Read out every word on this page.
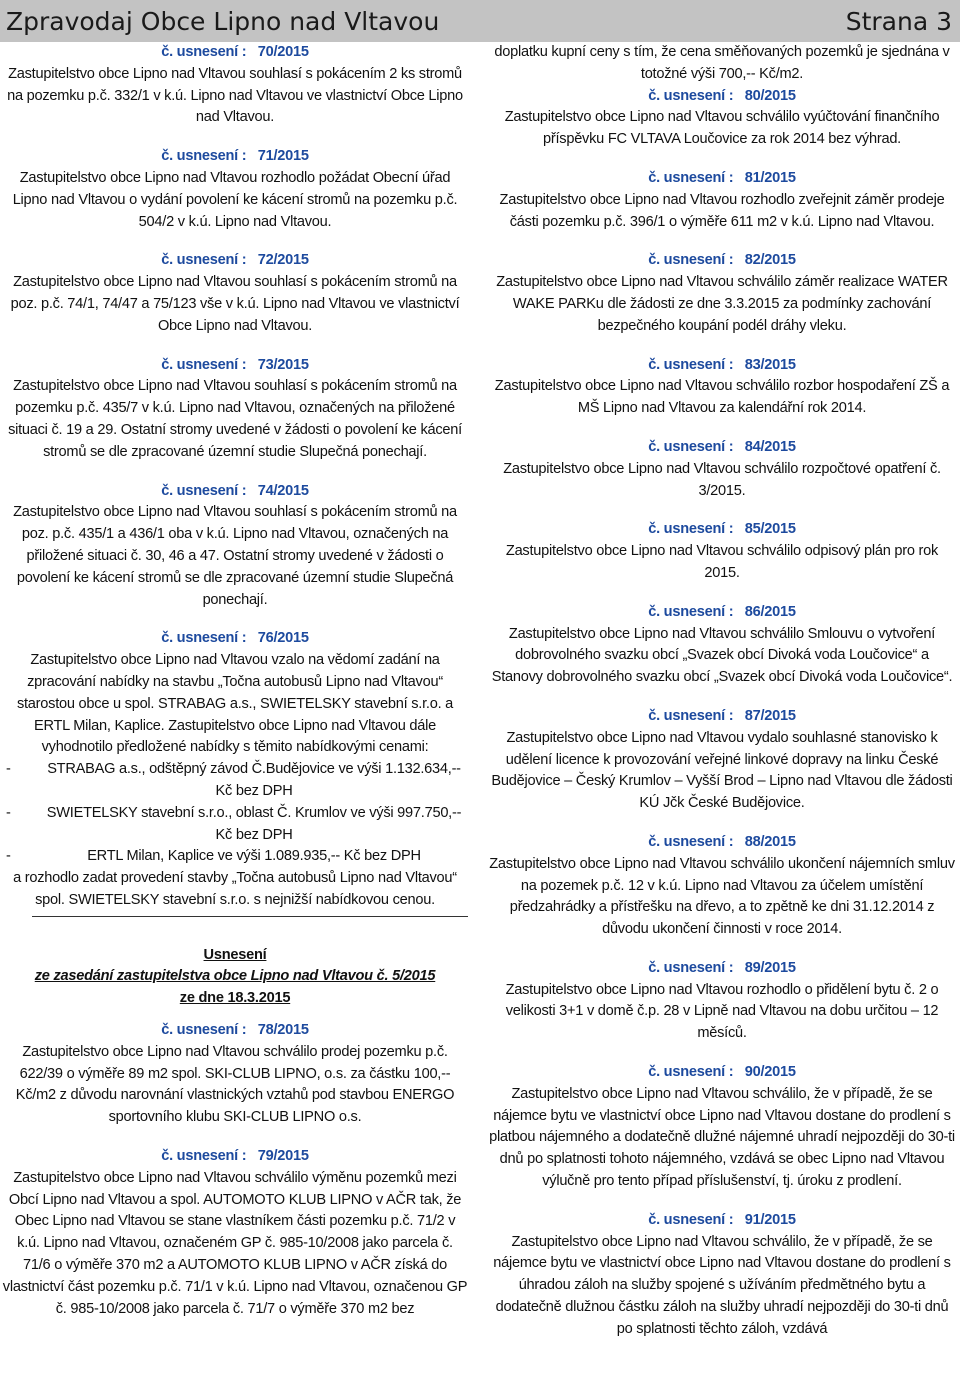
Zpravodaj Obce Lipno nad Vltavou	Strana 3
č. usnesení :   70/2015

Zastupitelstvo obce Lipno nad Vltavou souhlasí s pokácením 2 ks stromů na pozemku p.č. 332/1 v k.ú. Lipno nad Vltavou ve vlastnictví Obce Lipno nad Vltavou.

č. usnesení :   71/2015

Zastupitelstvo obce Lipno nad Vltavou rozhodlo požádat Obecní úřad Lipno nad Vltavou o vydání povolení ke kácení stromů na pozemku p.č. 504/2 v k.ú. Lipno nad Vltavou.

č. usnesení :   72/2015

Zastupitelstvo obce Lipno nad Vltavou souhlasí s pokácením stromů na poz. p.č. 74/1, 74/47 a 75/123 vše v k.ú. Lipno nad Vltavou ve vlastnictví Obce Lipno nad Vltavou.

č. usnesení :   73/2015

Zastupitelstvo obce Lipno nad Vltavou souhlasí s pokácením stromů na pozemku p.č. 435/7 v k.ú. Lipno nad Vltavou, označených na přiložené situaci č. 19 a 29. Ostatní stromy uvedené v žádosti o povolení ke kácení stromů se dle zpracované územní studie Slupečná ponechají.

č. usnesení :   74/2015

Zastupitelstvo obce Lipno nad Vltavou souhlasí s pokácením stromů na poz. p.č. 435/1 a 436/1 oba v k.ú. Lipno nad Vltavou, označených na přiložené situaci č. 30, 46 a 47. Ostatní stromy uvedené v žádosti o povolení ke kácení stromů se dle zpracované územní studie Slupečná ponechají.

č. usnesení :   76/2015

Zastupitelstvo obce Lipno nad Vltavou vzalo na vědomí zadání na zpracování nabídky na stavbu „Točna autobusů Lipno nad Vltavou“ starostou obce u spol. STRABAG a.s., SWIETELSKY stavební s.r.o. a ERTL Milan, Kaplice. Zastupitelstvo obce Lipno nad Vltavou dále vyhodnotilo předložené nabídky s těmito nabídkovými cenami:

-	STRABAG a.s., odštěpný závod Č.Budějovice ve výši 1.132.634,-- Kč bez DPH
-	SWIETELSKY stavební s.r.o., oblast Č. Krumlov ve výši 997.750,-- Kč bez DPH
-	ERTL Milan, Kaplice ve výši 1.089.935,-- Kč bez DPH

a rozhodlo zadat provedení stavby „Točna autobusů Lipno nad Vltavou“ spol. SWIETELSKY stavební s.r.o. s nejnižší nabídkovou cenou.

Usnesení
ze zasedání zastupitelstva obce Lipno nad Vltavou č. 5/2015
ze dne 18.3.2015
č. usnesení :   78/2015

Zastupitelstvo obce Lipno nad Vltavou schválilo prodej pozemku p.č. 622/39 o výměře 89 m2 spol. SKI-CLUB LIPNO, o.s. za částku 100,-- Kč/m2 z důvodu narovnání vlastnických vztahů pod stavbou ENERGO sportovního klubu SKI-CLUB LIPNO o.s.

č. usnesení :   79/2015

Zastupitelstvo obce Lipno nad Vltavou schválilo výměnu pozemků mezi Obcí Lipno nad Vltavou a spol. AUTOMOTO KLUB LIPNO v AČR tak, že Obec Lipno nad Vltavou se stane vlastníkem části pozemku p.č. 71/2 v k.ú. Lipno nad Vltavou, označeném GP č. 985-10/2008 jako parcela č. 71/6 o výměře 370 m2 a AUTOMOTO KLUB LIPNO v AČR získá do vlastnictví část pozemku p.č. 71/1 v k.ú. Lipno nad Vltavou, označenou GP č. 985-10/2008 jako parcela č. 71/7 o výměře 370 m2 bez

doplatku kupní ceny s tím, že cena směňovaných pozemků je sjednána v totožné výši 700,-- Kč/m2.

č. usnesení :   80/2015

Zastupitelstvo obce Lipno nad Vltavou schválilo vyúčtování finančního příspěvku FC VLTAVA Loučovice za rok 2014 bez výhrad.

č. usnesení :   81/2015

Zastupitelstvo obce Lipno nad Vltavou rozhodlo zveřejnit záměr prodeje části pozemku p.č. 396/1 o výměře 611 m2 v k.ú. Lipno nad Vltavou.

č. usnesení :   82/2015

Zastupitelstvo obce Lipno nad Vltavou schválilo záměr realizace WATER WAKE PARKu dle žádosti ze dne 3.3.2015 za podmínky zachování bezpečného koupání podél dráhy vleku.

č. usnesení :   83/2015

Zastupitelstvo obce Lipno nad Vltavou schválilo rozbor hospodaření ZŠ a MŠ Lipno nad Vltavou za kalendářní rok 2014.

č. usnesení :   84/2015

Zastupitelstvo obce Lipno nad Vltavou schválilo rozpočtové opatření č. 3/2015.

č. usnesení :   85/2015

Zastupitelstvo obce Lipno nad Vltavou schválilo odpisový plán pro rok 2015.

č. usnesení :   86/2015

Zastupitelstvo obce Lipno nad Vltavou schválilo Smlouvu o vytvoření dobrovolného svazku obcí „Svazek obcí Divoká voda Loučovice“ a Stanovy dobrovolného svazku obcí „Svazek obcí Divoká voda Loučovice“.

č. usnesení :   87/2015

Zastupitelstvo obce Lipno nad Vltavou vydalo souhlasné stanovisko k udělení licence k provozování veřejné linkové dopravy na linku České Budějovice – Český Krumlov – Vyšší Brod – Lipno nad Vltavou dle žádosti KÚ Jčk České Budějovice.

č. usnesení :   88/2015

Zastupitelstvo obce Lipno nad Vltavou schválilo ukončení nájemních smluv na pozemek p.č. 12 v k.ú. Lipno nad Vltavou za účelem umístění předzahrádky a přístřešku na dřevo, a to zpětně ke dni 31.12.2014 z důvodu ukončení činnosti v roce 2014.

č. usnesení :   89/2015

Zastupitelstvo obce Lipno nad Vltavou rozhodlo o přidělení bytu č. 2 o velikosti 3+1 v domě č.p. 28 v Lipně nad Vltavou na dobu určitou – 12 měsíců.

č. usnesení :   90/2015

Zastupitelstvo obce Lipno nad Vltavou schválilo, že v případě, že se nájemce bytu ve vlastnictví obce Lipno nad Vltavou dostane do prodlení s platbou nájemného a dodatečně dlužné nájemné uhradí nejpozději do 30-ti dnů po splatnosti tohoto nájemného, vzdává se obec Lipno nad Vltavou výlučně pro tento případ příslušenství, tj. úroku z prodlení.

č. usnesení :   91/2015

Zastupitelstvo obce Lipno nad Vltavou schválilo, že v případě, že se nájemce bytu ve vlastnictví obce Lipno nad Vltavou dostane do prodlení s úhradou záloh na služby spojené s užíváním předmětného bytu a dodatečně dlužnou částku záloh na služby uhradí nejpozději do 30-ti dnů po splatnosti těchto záloh, vzdává
